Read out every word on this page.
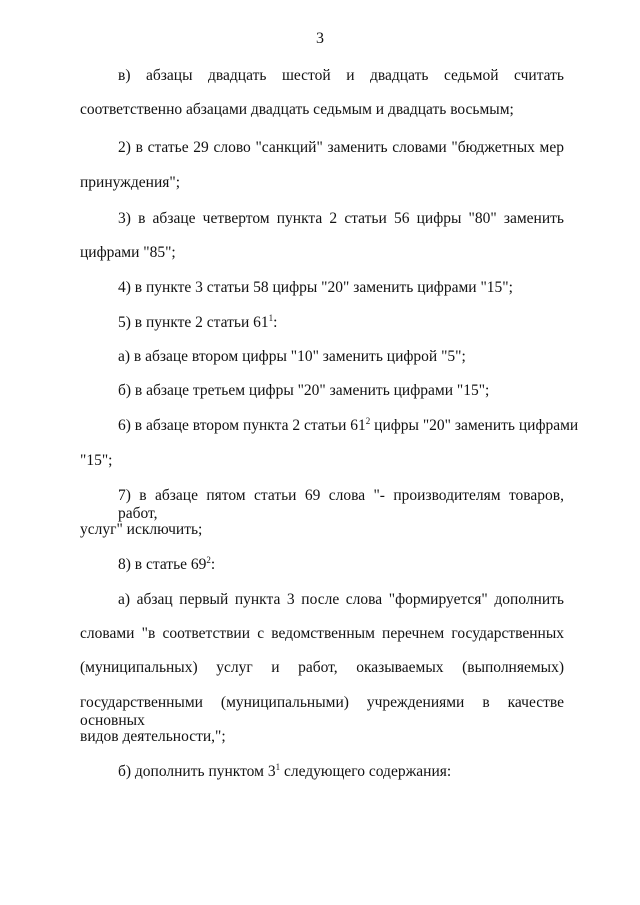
3
в) абзацы двадцать шестой и двадцать седьмой считать
соответственно абзацами двадцать седьмым и двадцать восьмым;
2) в статье 29 слово "санкций" заменить словами "бюджетных мер
принуждения";
3) в абзаце четвертом пункта 2 статьи 56 цифры "80" заменить
цифрами "85";
4) в пункте 3 статьи 58 цифры "20" заменить цифрами "15";
5) в пункте 2 статьи $61^1$:
а) в абзаце втором цифры "10" заменить цифрой "5";
б) в абзаце третьем цифры "20" заменить цифрами "15";
6) в абзаце втором пункта 2 статьи $61^2$ цифры "20" заменить цифрами
"15";
7) в абзаце пятом статьи 69 слова "- производителям товаров, работ,
услуг" исключить;
8) в статье $69^2$:
а) абзац первый пункта 3 после слова "формируется" дополнить
словами "в соответствии с ведомственным перечнем государственных
(муниципальных) услуг и работ, оказываемых (выполняемых)
государственными (муниципальными) учреждениями в качестве основных
видов деятельности,";
б) дополнить пунктом $3^1$ следующего содержания:
